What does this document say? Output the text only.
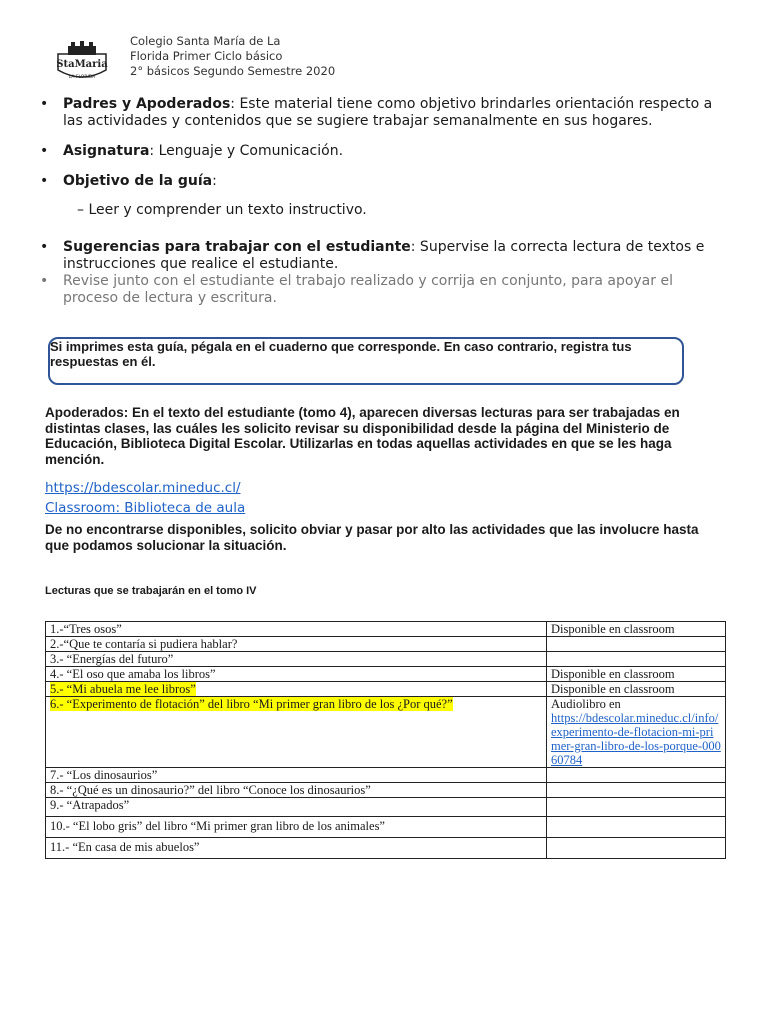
StaMaria
LA FLORIDA
Colegio Santa María de La
Florida Primer Ciclo básico
2° básicos Segundo Semestre 2020
• Padres y Apoderados: Este material tiene como objetivo brindarles orientación respecto a las actividades y contenidos que se sugiere trabajar semanalmente en sus hogares.
• Asignatura: Lenguaje y Comunicación.
• Objetivo de la guía:
– Leer y comprender un texto instructivo.
• Sugerencias para trabajar con el estudiante: Supervise la correcta lectura de textos e instrucciones que realice el estudiante.
• Revise junto con el estudiante el trabajo realizado y corrija en conjunto, para apoyar el proceso de lectura y escritura.
Si imprimes esta guía, pégala en el cuaderno que corresponde. En caso contrario, registra tus respuestas en él.
Apoderados: En el texto del estudiante (tomo 4), aparecen diversas lecturas para ser trabajadas en distintas clases, las cuáles les solicito revisar su disponibilidad desde la página del Ministerio de Educación, Biblioteca Digital Escolar. Utilizarlas en todas aquellas actividades en que se les haga mención.
https://bdescolar.mineduc.cl/
Classroom: Biblioteca de aula
De no encontrarse disponibles, solicito obviar y pasar por alto las actividades que las involucre hasta que podamos solucionar la situación.
Lecturas que se trabajarán en el tomo IV
1.-“Tres osos”	Disponible en classroom
2.-“Que te contaría si pudiera hablar?	
3.- “Energías del futuro”	
4.- “El oso que amaba los libros”	Disponible en classroom
5.- “Mi abuela me lee libros”	Disponible en classroom
6.- “Experimento de flotación” del libro “Mi primer gran libro de los ¿Por qué?”	Audiolibro en
https://bdescolar.mineduc.cl/info/experimento-de-flotacion-mi-primer-gran-libro-de-los-porque-00060784
7.- “Los dinosaurios”	
8.- “¿Qué es un dinosaurio?” del libro “Conoce los dinosaurios”	
9.- “Atrapados”	
10.- “El lobo gris” del libro “Mi primer gran libro de los animales”	
11.- “En casa de mis abuelos”	
